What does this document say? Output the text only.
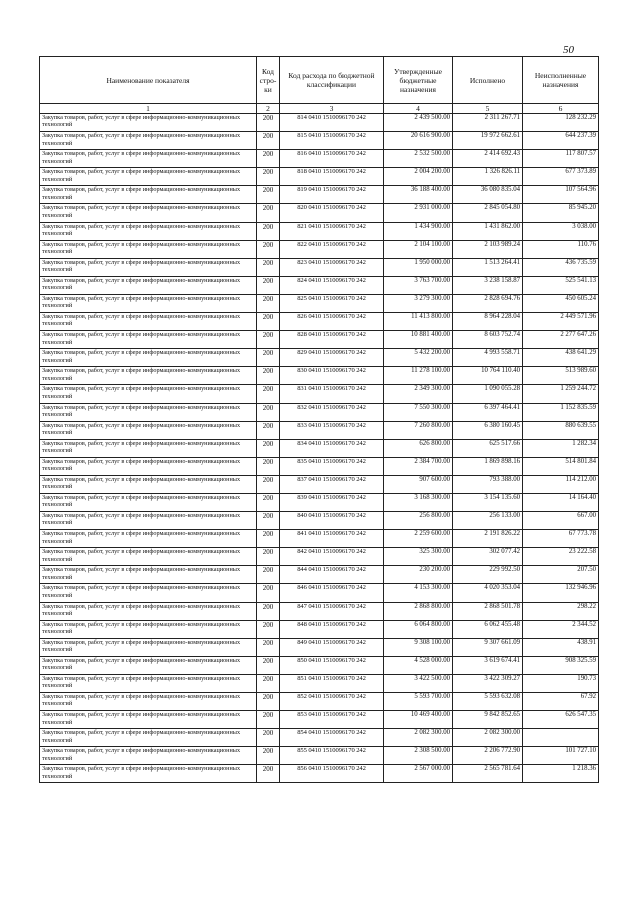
50
Наименование показателя	Код стро-ки	Код расхода по бюджетной классификации	Утвержденные бюджетные назначения	Исполнено	Неисполненные назначения
1	2	3	4	5	6
Закупка товаров, работ, услуг в сфере информационно-коммуникационных технологий	200	814 0410 1510096170 242	2 439 500.00	2 311 267.71	128 232.29
Закупка товаров, работ, услуг в сфере информационно-коммуникационных технологий	200	815 0410 1510096170 242	20 616 900.00	19 972 662.61	644 237.39
Закупка товаров, работ, услуг в сфере информационно-коммуникационных технологий	200	816 0410 1510096170 242	2 532 500.00	2 414 692.43	117 807.57
Закупка товаров, работ, услуг в сфере информационно-коммуникационных технологий	200	818 0410 1510096170 242	2 004 200.00	1 326 826.11	677 373.89
Закупка товаров, работ, услуг в сфере информационно-коммуникационных технологий	200	819 0410 1510096170 242	36 188 400.00	36 080 835.04	107 564.96
Закупка товаров, работ, услуг в сфере информационно-коммуникационных технологий	200	820 0410 1510096170 242	2 931 000.00	2 845 054.80	85 945.20
Закупка товаров, работ, услуг в сфере информационно-коммуникационных технологий	200	821 0410 1510096170 242	1 434 900.00	1 431 862.00	3 038.00
Закупка товаров, работ, услуг в сфере информационно-коммуникационных технологий	200	822 0410 1510096170 242	2 104 100.00	2 103 989.24	110.76
Закупка товаров, работ, услуг в сфере информационно-коммуникационных технологий	200	823 0410 1510096170 242	1 950 000.00	1 513 264.41	436 735.59
Закупка товаров, работ, услуг в сфере информационно-коммуникационных технологий	200	824 0410 1510096170 242	3 763 700.00	3 238 158.87	525 541.13
Закупка товаров, работ, услуг в сфере информационно-коммуникационных технологий	200	825 0410 1510096170 242	3 279 300.00	2 828 694.76	450 605.24
Закупка товаров, работ, услуг в сфере информационно-коммуникационных технологий	200	826 0410 1510096170 242	11 413 800.00	8 964 228.04	2 449 571.96
Закупка товаров, работ, услуг в сфере информационно-коммуникационных технологий	200	828 0410 1510096170 242	10 881 400.00	8 603 752.74	2 277 647.26
Закупка товаров, работ, услуг в сфере информационно-коммуникационных технологий	200	829 0410 1510096170 242	5 432 200.00	4 993 558.71	438 641.29
Закупка товаров, работ, услуг в сфере информационно-коммуникационных технологий	200	830 0410 1510096170 242	11 278 100.00	10 764 110.40	513 989.60
Закупка товаров, работ, услуг в сфере информационно-коммуникационных технологий	200	831 0410 1510096170 242	2 349 300.00	1 090 055.28	1 259 244.72
Закупка товаров, работ, услуг в сфере информационно-коммуникационных технологий	200	832 0410 1510096170 242	7 550 300.00	6 397 464.41	1 152 835.59
Закупка товаров, работ, услуг в сфере информационно-коммуникационных технологий	200	833 0410 1510096170 242	7 260 800.00	6 380 160.45	880 639.55
Закупка товаров, работ, услуг в сфере информационно-коммуникационных технологий	200	834 0410 1510096170 242	626 800.00	625 517.66	1 282.34
Закупка товаров, работ, услуг в сфере информационно-коммуникационных технологий	200	835 0410 1510096170 242	2 384 700.00	1 869 898.16	514 801.84
Закупка товаров, работ, услуг в сфере информационно-коммуникационных технологий	200	837 0410 1510096170 242	907 600.00	793 388.00	114 212.00
Закупка товаров, работ, услуг в сфере информационно-коммуникационных технологий	200	839 0410 1510096170 242	3 168 300.00	3 154 135.60	14 164.40
Закупка товаров, работ, услуг в сфере информационно-коммуникационных технологий	200	840 0410 1510096170 242	256 800.00	256 133.00	667.00
Закупка товаров, работ, услуг в сфере информационно-коммуникационных технологий	200	841 0410 1510096170 242	2 259 600.00	2 191 826.22	67 773.78
Закупка товаров, работ, услуг в сфере информационно-коммуникационных технологий	200	842 0410 1510096170 242	325 300.00	302 077.42	23 222.58
Закупка товаров, работ, услуг в сфере информационно-коммуникационных технологий	200	844 0410 1510096170 242	230 200.00	229 992.50	207.50
Закупка товаров, работ, услуг в сфере информационно-коммуникационных технологий	200	846 0410 1510096170 242	4 153 300.00	4 020 353.04	132 946.96
Закупка товаров, работ, услуг в сфере информационно-коммуникационных технологий	200	847 0410 1510096170 242	2 868 800.00	2 868 501.78	298.22
Закупка товаров, работ, услуг в сфере информационно-коммуникационных технологий	200	848 0410 1510096170 242	6 064 800.00	6 062 455.48	2 344.52
Закупка товаров, работ, услуг в сфере информационно-коммуникационных технологий	200	849 0410 1510096170 242	9 308 100.00	9 307 661.09	438.91
Закупка товаров, работ, услуг в сфере информационно-коммуникационных технологий	200	850 0410 1510096170 242	4 528 000.00	3 619 674.41	908 325.59
Закупка товаров, работ, услуг в сфере информационно-коммуникационных технологий	200	851 0410 1510096170 242	3 422 500.00	3 422 309.27	190.73
Закупка товаров, работ, услуг в сфере информационно-коммуникационных технологий	200	852 0410 1510096170 242	5 593 700.00	5 593 632.08	67.92
Закупка товаров, работ, услуг в сфере информационно-коммуникационных технологий	200	853 0410 1510096170 242	10 469 400.00	9 842 852.65	626 547.35
Закупка товаров, работ, услуг в сфере информационно-коммуникационных технологий	200	854 0410 1510096170 242	2 082 300.00	2 082 300.00	
Закупка товаров, работ, услуг в сфере информационно-коммуникационных технологий	200	855 0410 1510096170 242	2 308 500.00	2 206 772.90	101 727.10
Закупка товаров, работ, услуг в сфере информационно-коммуникационных технологий	200	856 0410 1510096170 242	2 567 000.00	2 565 781.64	1 218.36
